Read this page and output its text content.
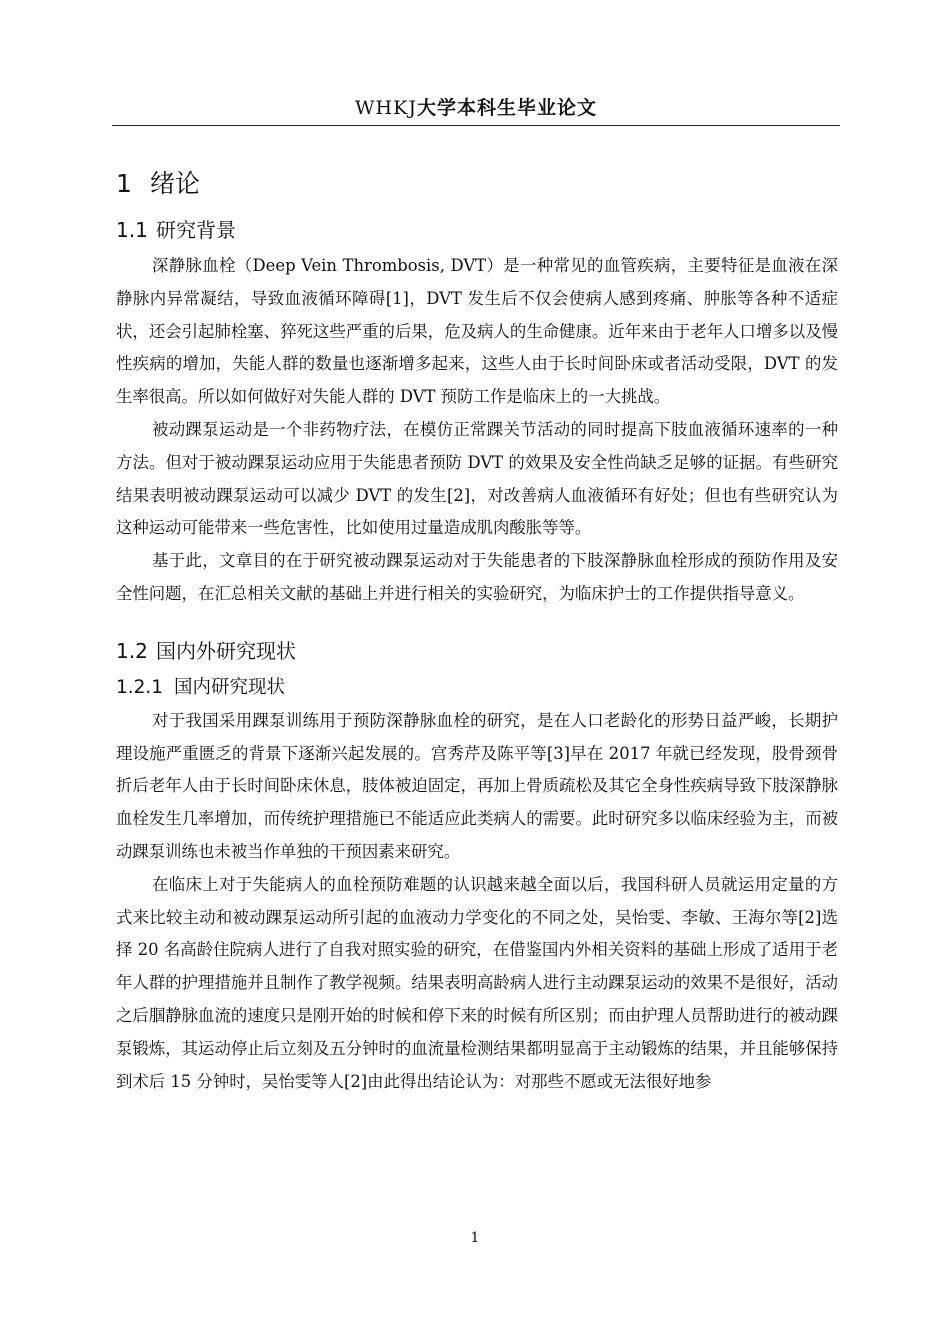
WHKJ大学本科生毕业论文
1 绪论
1.1 研究背景

深静脉血栓（Deep Vein Thrombosis, DVT）是一种常见的血管疾病，主要特征是血液在深静脉内异常凝结，导致血液循环障碍[1]，DVT 发生后不仅会使病人感到疼痛、肿胀等各种不适症状，还会引起肺栓塞、猝死这些严重的后果，危及病人的生命健康。近年来由于老年人口增多以及慢性疾病的增加，失能人群的数量也逐渐增多起来，这些人由于长时间卧床或者活动受限，DVT 的发生率很高。所以如何做好对失能人群的 DVT 预防工作是临床上的一大挑战。

被动踝泵运动是一个非药物疗法，在模仿正常踝关节活动的同时提高下肢血液循环速率的一种方法。但对于被动踝泵运动应用于失能患者预防 DVT 的效果及安全性尚缺乏足够的证据。有些研究结果表明被动踝泵运动可以减少 DVT 的发生[2]，对改善病人血液循环有好处；但也有些研究认为这种运动可能带来一些危害性，比如使用过量造成肌肉酸胀等等。

基于此，文章目的在于研究被动踝泵运动对于失能患者的下肢深静脉血栓形成的预防作用及安全性问题，在汇总相关文献的基础上并进行相关的实验研究，为临床护士的工作提供指导意义。

1.2 国内外研究现状
1.2.1 国内研究现状

对于我国采用踝泵训练用于预防深静脉血栓的研究，是在人口老龄化的形势日益严峻，长期护理设施严重匮乏的背景下逐渐兴起发展的。宫秀芹及陈平等[3]早在 2017 年就已经发现，股骨颈骨折后老年人由于长时间卧床休息，肢体被迫固定，再加上骨质疏松及其它全身性疾病导致下肢深静脉血栓发生几率增加，而传统护理措施已不能适应此类病人的需要。此时研究多以临床经验为主，而被动踝泵训练也未被当作单独的干预因素来研究。

在临床上对于失能病人的血栓预防难题的认识越来越全面以后，我国科研人员就运用定量的方式来比较主动和被动踝泵运动所引起的血液动力学变化的不同之处，吴怡雯、李敏、王海尔等[2]选择 20 名高龄住院病人进行了自我对照实验的研究，在借鉴国内外相关资料的基础上形成了适用于老年人群的护理措施并且制作了教学视频。结果表明高龄病人进行主动踝泵运动的效果不是很好，活动之后腘静脉血流的速度只是刚开始的时候和停下来的时候有所区别；而由护理人员帮助进行的被动踝泵锻炼，其运动停止后立刻及五分钟时的血流量检测结果都明显高于主动锻炼的结果，并且能够保持到术后 15 分钟时，吴怡雯等人[2]由此得出结论认为：对那些不愿或无法很好地参

1
